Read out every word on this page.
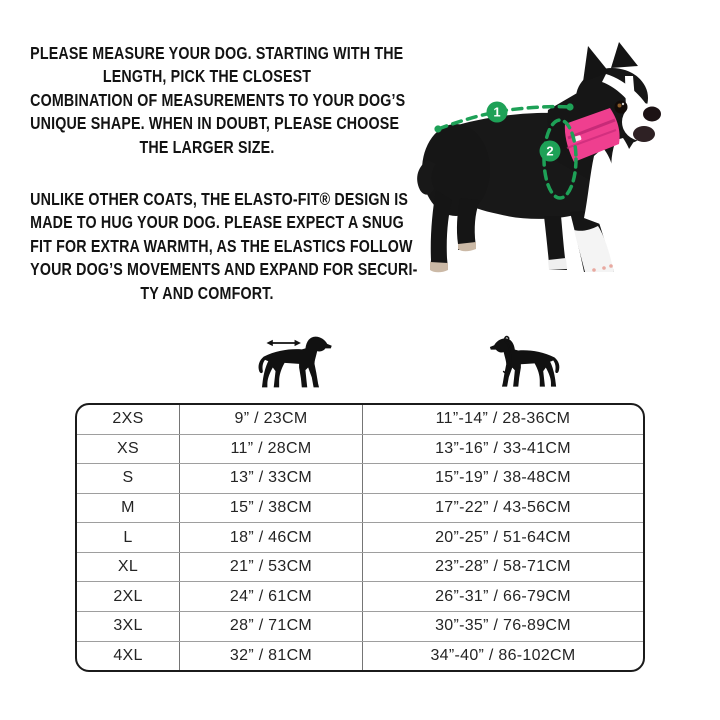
PLEASE MEASURE YOUR DOG. STARTING WITH THE
LENGTH, PICK THE CLOSEST
COMBINATION OF MEASUREMENTS TO YOUR DOG’S
UNIQUE SHAPE. WHEN IN DOUBT, PLEASE CHOOSE
THE LARGER SIZE.

UNLIKE OTHER COATS, THE ELASTO-FIT® DESIGN IS
MADE TO HUG YOUR DOG. PLEASE EXPECT A SNUG
FIT FOR EXTRA WARMTH, AS THE ELASTICS FOLLOW
YOUR DOG’S MOVEMENTS AND EXPAND FOR SECURI-
TY AND COMFORT.

1
2
2XS	9” / 23CM	11”-14” / 28-36CM
XS	11” / 28CM	13”-16” / 33-41CM
S	13” / 33CM	15”-19” / 38-48CM
M	15” / 38CM	17”-22” / 43-56CM
L	18” / 46CM	20”-25” / 51-64CM
XL	21” / 53CM	23”-28” / 58-71CM
2XL	24” / 61CM	26”-31” / 66-79CM
3XL	28” / 71CM	30”-35” / 76-89CM
4XL	32” / 81CM	34”-40” / 86-102CM
